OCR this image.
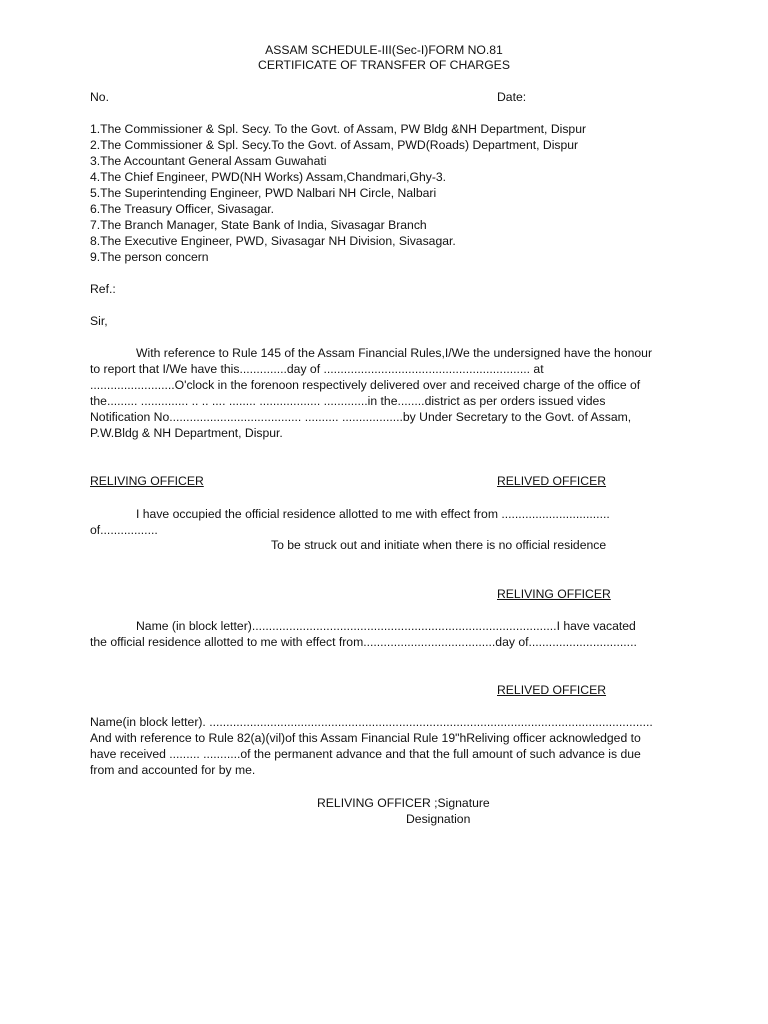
ASSAM SCHEDULE-III(Sec-I)FORM NO.81
CERTIFICATE OF TRANSFER OF CHARGES
No.	Date:
1.The Commissioner & Spl. Secy. To the Govt. of Assam, PW Bldg &NH Department, Dispur
2.The Commissioner & Spl. Secy.To the Govt. of Assam, PWD(Roads) Department, Dispur
3.The Accountant General Assam Guwahati
4.The Chief Engineer, PWD(NH Works) Assam,Chandmari,Ghy-3.
5.The Superintending Engineer, PWD Nalbari NH Circle, Nalbari
6.The Treasury Officer, Sivasagar.
7.The Branch Manager, State Bank of India, Sivasagar Branch
8.The Executive Engineer, PWD, Sivasagar NH Division, Sivasagar.
9.The person concern
Ref.:
Sir,
With reference to Rule 145 of the Assam Financial Rules,I/We the undersigned have the honour
to report that I/We have this..............day of ............................................................. at
.........................O'clock in the forenoon respectively delivered over and received charge of the office of
the......... .............. .. .. .... ........ .................. .............in the........district as per orders issued vides
Notification No....................................... .......... ..................by Under Secretary to the Govt. of Assam,
P.W.Bldg & NH Department, Dispur.
RELIVING OFFICER	RELIVED OFFICER
I have occupied the official residence allotted to me with effect from ................................
of.................
To be struck out and initiate when there is no official residence
RELIVING OFFICER
Name (in block letter)..........................................................................................I have vacated
the official residence allotted to me with effect from.......................................day of................................
RELIVED OFFICER
Name(in block letter). ...................................................................................................................................
And with reference to Rule 82(a)(vil)of this Assam Financial Rule 19"hReliving officer acknowledged to
have received ......... ...........of the permanent advance and that the full amount of such advance is due
from and accounted for by me.
RELIVING OFFICER ;Signature
Designation
